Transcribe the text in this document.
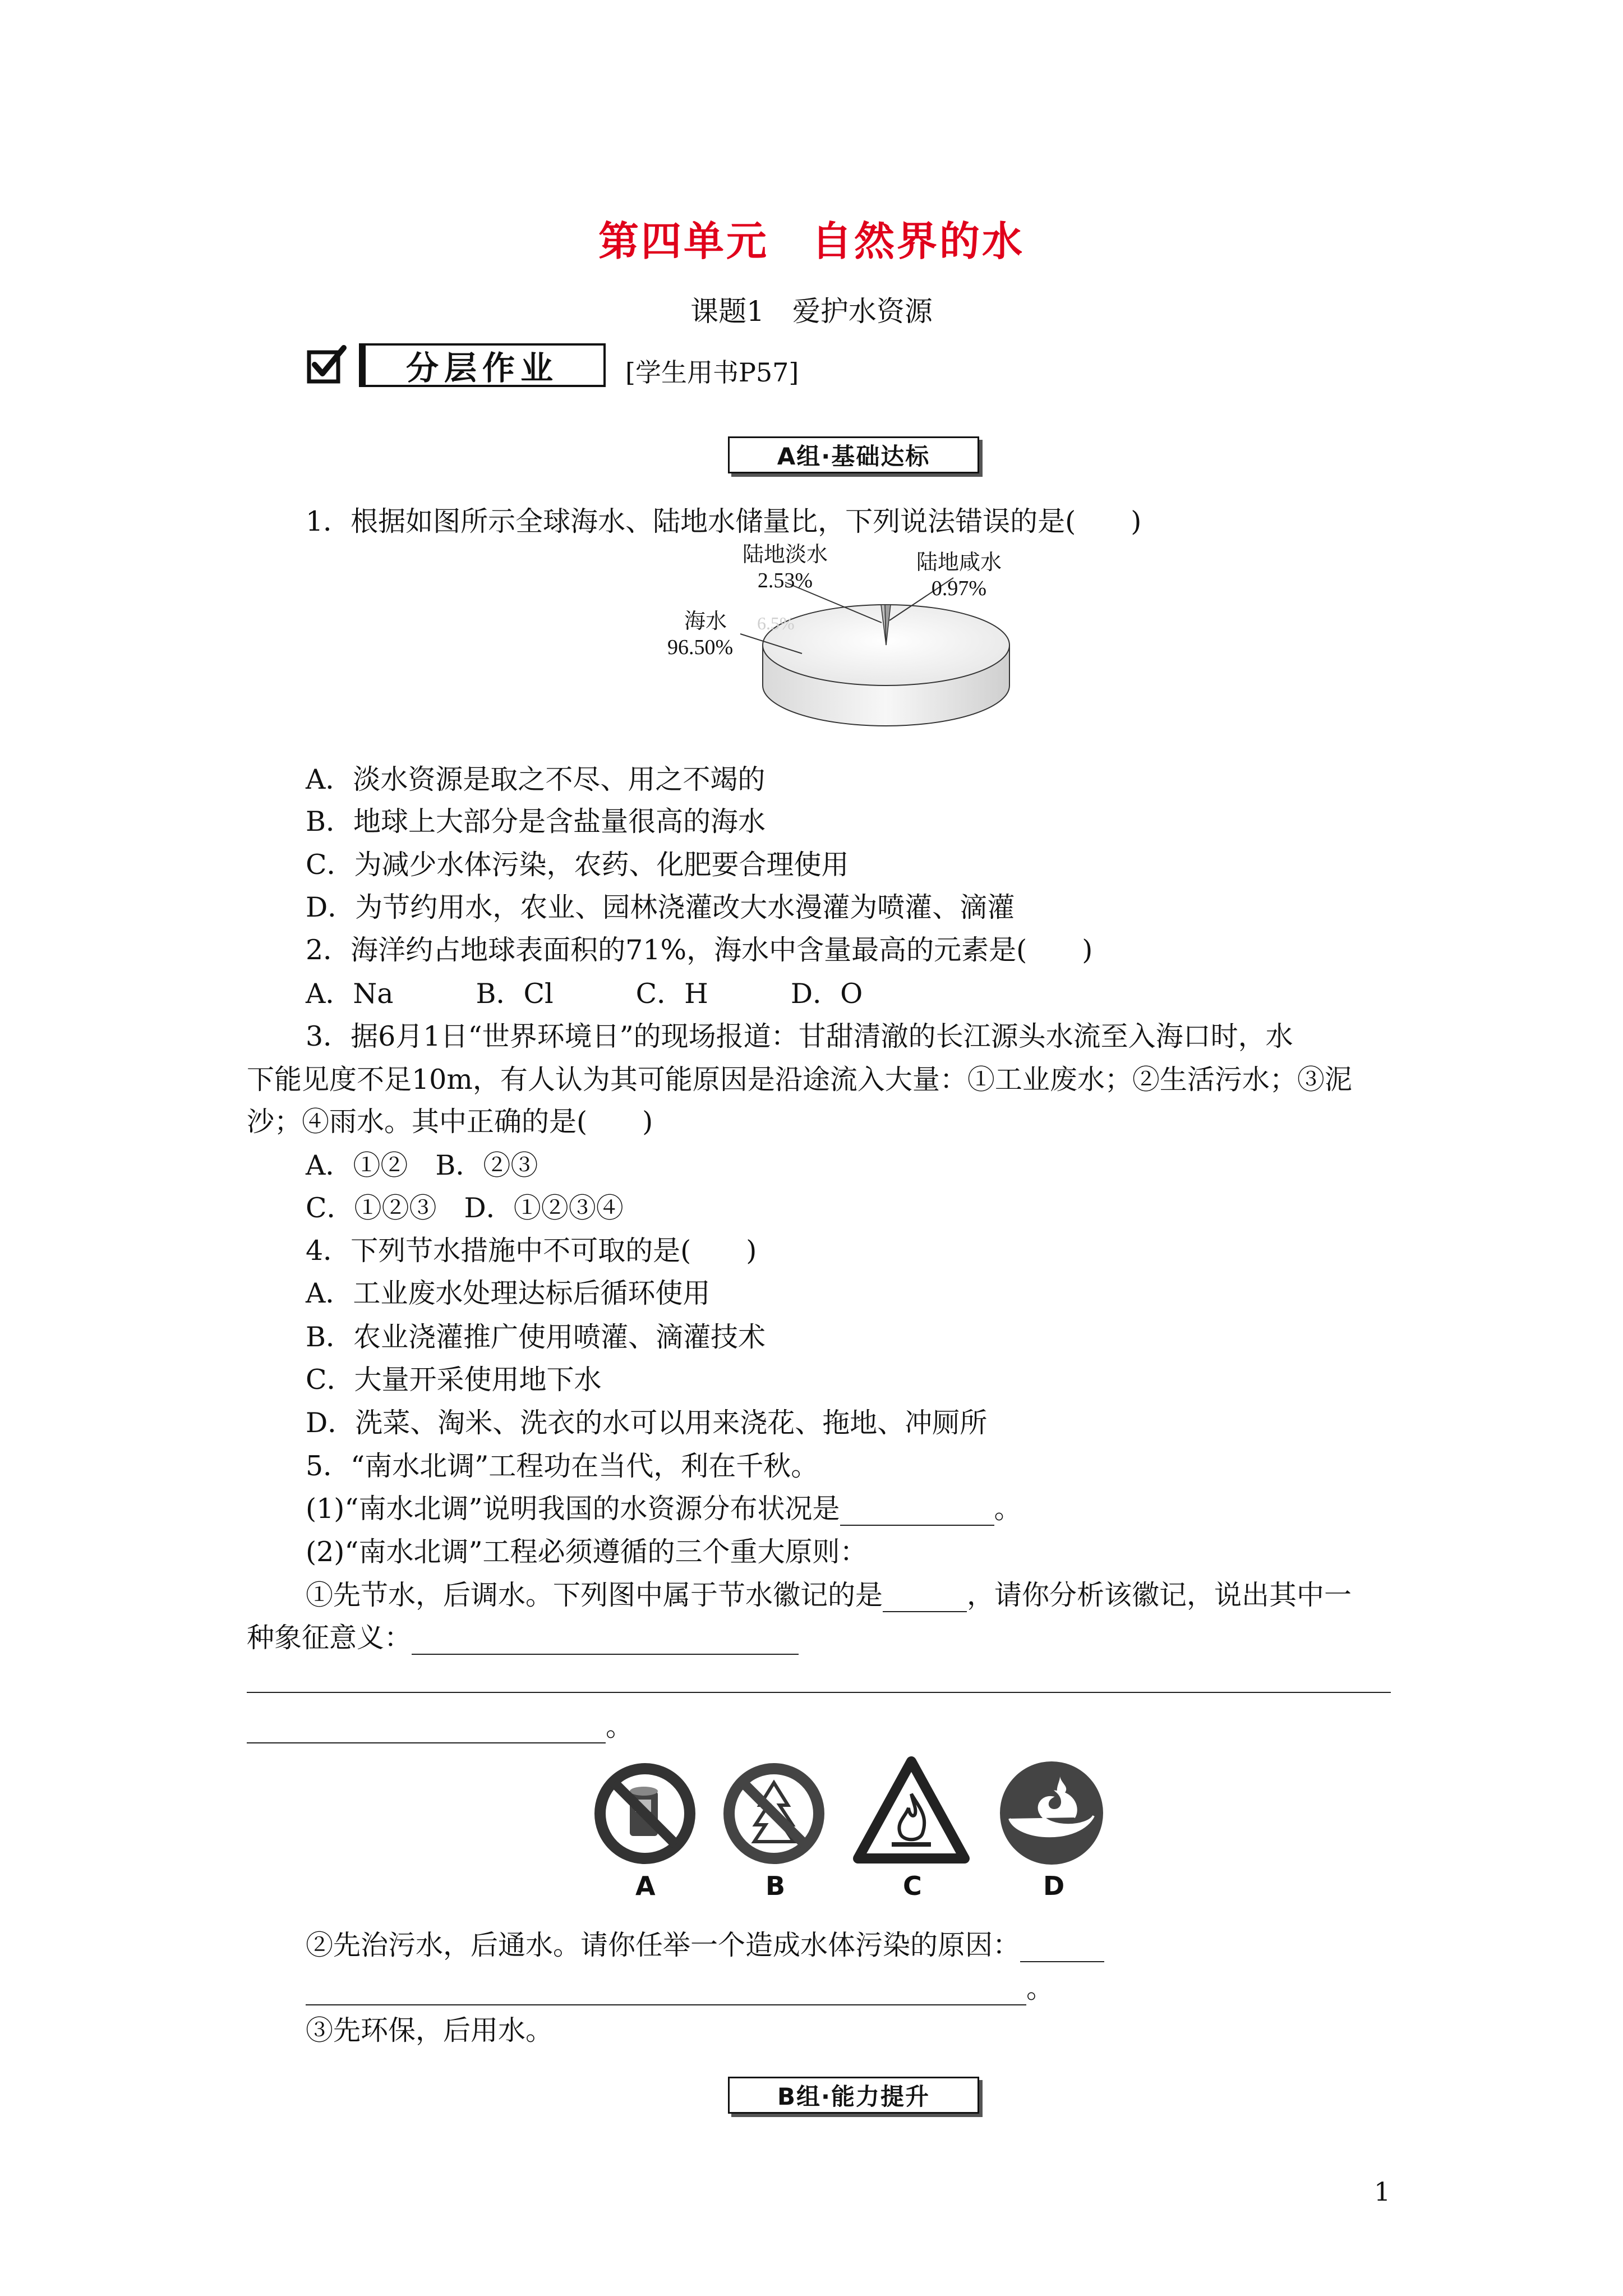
第四单元　自然界的水
课题1　爱护水资源
分层作业	[学生用书P57]
A组·基础达标
1．根据如图所示全球海水、陆地水储量比，下列说法错误的是(　　)
6.5%
陆地淡水
2.53%
陆地咸水
0.97%
海水
96.50%
A．淡水资源是取之不尽、用之不竭的
B．地球上大部分是含盐量很高的海水
C．为减少水体污染，农药、化肥要合理使用
D．为节约用水，农业、园林浇灌改大水漫灌为喷灌、滴灌
2．海洋约占地球表面积的71%，海水中含量最高的元素是(　　)
A．Na　　　B．Cl　　　C．H　　　D．O
3．据6月1日“世界环境日”的现场报道：甘甜清澈的长江源头水流至入海口时，水
下能见度不足10m，有人认为其可能原因是沿途流入大量：①工业废水；②生活污水；③泥
沙；④雨水。其中正确的是(　　)
A．①②　B．②③
C．①②③　D．①②③④
4．下列节水措施中不可取的是(　　)
A．工业废水处理达标后循环使用
B．农业浇灌推广使用喷灌、滴灌技术
C．大量开采使用地下水
D．洗菜、淘米、洗衣的水可以用来浇花、拖地、冲厕所
5．“南水北调”工程功在当代，利在千秋。
(1)“南水北调”说明我国的水资源分布状况是	。
(2)“南水北调”工程必须遵循的三个重大原则：
①先节水，后调水。下列图中属于节水徽记的是	，请你分析该徽记，说出其中一
种象征意义：
。
A	B	C	D
②先治污水，后通水。请你任举一个造成水体污染的原因：
。
③先环保，后用水。
B组·能力提升
1
